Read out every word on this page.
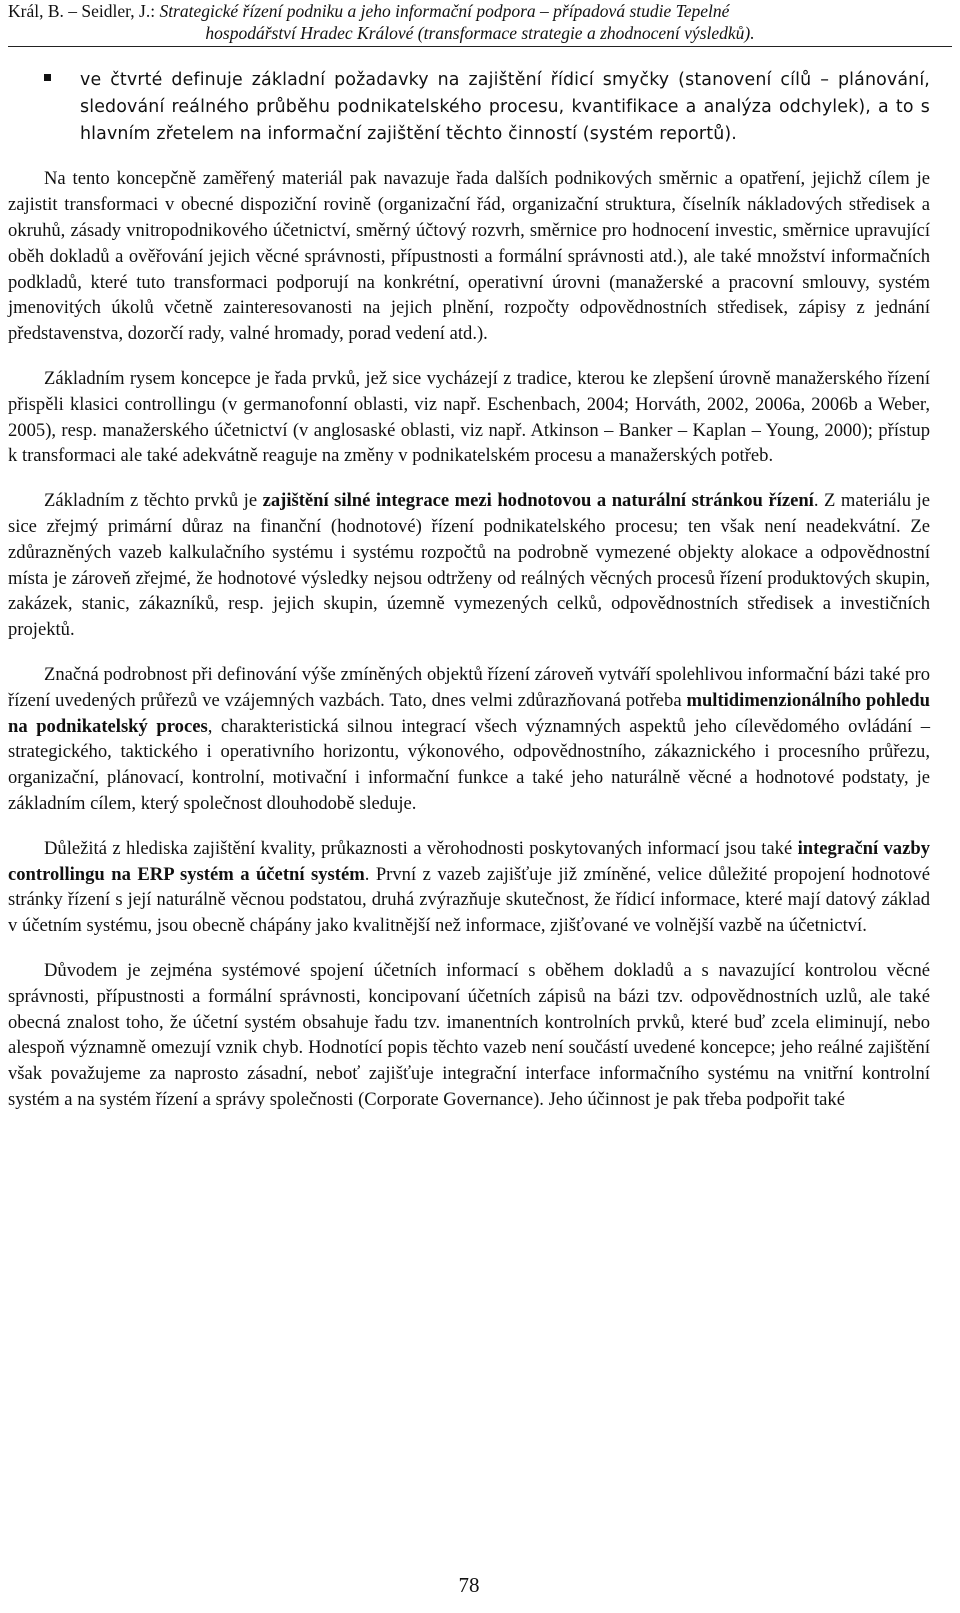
Král, B. – Seidler, J.: Strategické řízení podniku a jeho informační podpora – případová studie Tepelné
hospodářství Hradec Králové (transformace strategie a zhodnocení výsledků).
ve čtvrté definuje základní požadavky na zajištění řídicí smyčky (stanovení cílů – plánování, sledování reálného průběhu podnikatelského procesu, kvantifikace a analýza odchylek), a to s hlavním zřetelem na informační zajištění těchto činností (systém reportů).

Na tento koncepčně zaměřený materiál pak navazuje řada dalších podnikových směrnic a opatření, jejichž cílem je zajistit transformaci v obecné dispoziční rovině (organizační řád, organizační struktura, číselník nákladových středisek a okruhů, zásady vnitropodnikového účetnictví, směrný účtový rozvrh, směrnice pro hodnocení investic, směrnice upravující oběh dokladů a ověřování jejich věcné správnosti, přípustnosti a formální správnosti atd.), ale také množství informačních podkladů, které tuto transformaci podporují na konkrétní, operativní úrovni (manažerské a pracovní smlouvy, systém jmenovitých úkolů včetně zainteresovanosti na jejich plnění, rozpočty odpovědnostních středisek, zápisy z jednání představenstva, dozorčí rady, valné hromady, porad vedení atd.).

Základním rysem koncepce je řada prvků, jež sice vycházejí z tradice, kterou ke zlepšení úrovně manažerského řízení přispěli klasici controllingu (v germanofonní oblasti, viz např. Eschenbach, 2004; Horváth, 2002, 2006a, 2006b a Weber, 2005), resp. manažerského účetnictví (v anglosaské oblasti, viz např. Atkinson – Banker – Kaplan – Young, 2000); přístup k transformaci ale také adekvátně reaguje na změny v podnikatelském procesu a manažerských potřeb.

Základním z těchto prvků je zajištění silné integrace mezi hodnotovou a naturální stránkou řízení. Z materiálu je sice zřejmý primární důraz na finanční (hodnotové) řízení podnikatelského procesu; ten však není neadekvátní. Ze zdůrazněných vazeb kalkulačního systému i systému rozpočtů na podrobně vymezené objekty alokace a odpovědnostní místa je zároveň zřejmé, že hodnotové výsledky nejsou odtrženy od reálných věcných procesů řízení produktových skupin, zakázek, stanic, zákazníků, resp. jejich skupin, územně vymezených celků, odpovědnostních středisek a investičních projektů.

Značná podrobnost při definování výše zmíněných objektů řízení zároveň vytváří spolehlivou informační bázi také pro řízení uvedených průřezů ve vzájemných vazbách. Tato, dnes velmi zdůrazňovaná potřeba multidimenzionálního pohledu na podnikatelský proces, charakteristická silnou integrací všech významných aspektů jeho cílevědomého ovládání – strategického, taktického i operativního horizontu, výkonového, odpovědnostního, zákaznického i procesního průřezu, organizační, plánovací, kontrolní, motivační i informační funkce a také jeho naturálně věcné a hodnotové podstaty, je základním cílem, který společnost dlouhodobě sleduje.

Důležitá z hlediska zajištění kvality, průkaznosti a věrohodnosti poskytovaných informací jsou také integrační vazby controllingu na ERP systém a účetní systém. První z vazeb zajišťuje již zmíněné, velice důležité propojení hodnotové stránky řízení s její naturálně věcnou podstatou, druhá zvýrazňuje skutečnost, že řídicí informace, které mají datový základ v účetním systému, jsou obecně chápány jako kvalitnější než informace, zjišťované ve volnější vazbě na účetnictví.

Důvodem je zejména systémové spojení účetních informací s oběhem dokladů a s navazující kontrolou věcné správnosti, přípustnosti a formální správnosti, koncipovaní účetních zápisů na bázi tzv. odpovědnostních uzlů, ale také obecná znalost toho, že účetní systém obsahuje řadu tzv. imanentních kontrolních prvků, které buď zcela eliminují, nebo alespoň významně omezují vznik chyb. Hodnotící popis těchto vazeb není součástí uvedené koncepce; jeho reálné zajištění však považujeme za naprosto zásadní, neboť zajišťuje integrační interface informačního systému na vnitřní kontrolní systém a na systém řízení a správy společnosti (Corporate Governance). Jeho účinnost je pak třeba podpořit také

78
